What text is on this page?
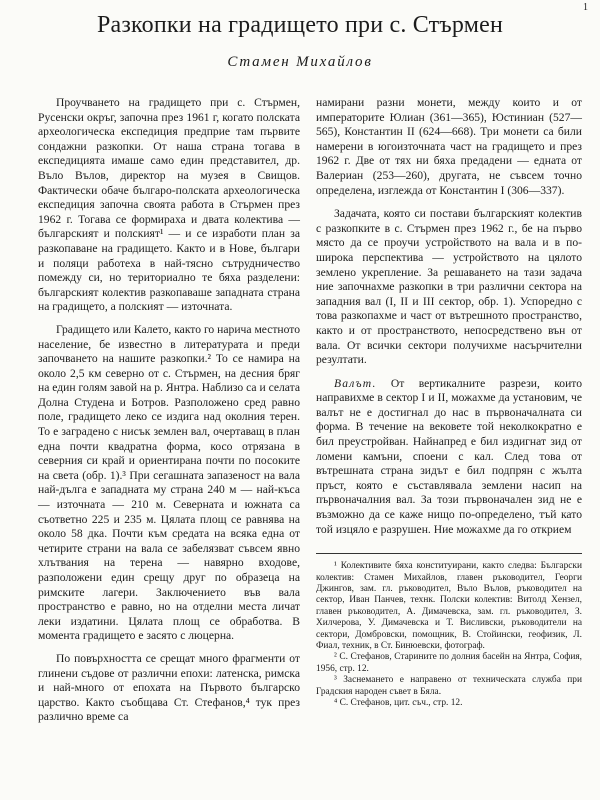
1
Разкопки на градището при с. Стърмен
Стамен Михайлов

Проучването на градището при с. Стърмен, Русенски окръг, започна през 1961 г, когато полската археологическа експедиция предприе там първите сондажни разкопки. От наша страна тогава в експедицията имаше само един представител, др. Въло Вълов, директор на музея в Свищов. Фактически обаче българо-полската археологическа експедиция започна своята работа в Стърмен през 1962 г. Тогава се формираха и двата колектива — българският и полският¹ — и се изработи план за разкопаване на градището. Както и в Нове, българи и поляци работеха в най-тясно сътрудничество помежду си, но териториално те бяха разделени: българският колектив разкопаваше западната страна на градището, а полският — източната.

Градището или Калето, както го нарича местното население, бе известно в литературата и преди започването на нашите разкопки.² То се намира на около 2,5 км северно от с. Стърмен, на десния бряг на един голям завой на р. Янтра. Наблизо са и селата Долна Студена и Ботров. Разположено сред равно поле, градището леко се издига над околния терен. То е заградено с нисък землен вал, очертаващ в план една почти квадратна форма, косо отрязана в северния си край и ориентирана почти по посоките на света (обр. 1).³ При сегашната запазеност на вала най-дълга е западната му страна 240 м — най-къса — източната — 210 м. Северната и южната са съответно 225 и 235 м. Цялата площ се равнява на около 58 дка. Почти към средата на всяка една от четирите страни на вала се забелязват съвсем явно хлътвания на терена — навярно входове, разположени един срещу друг по образеца на римските лагери. Заключението във вала пространство е равно, но на отделни места личат леки издатини. Цялата площ се обработва. В момента градището е засято с люцерна.

По повърхността се срещат много фрагменти от глинени съдове от различни епохи: латенска, римска и най-много от епохата на Първото българско царство. Както съобщава Ст. Стефанов,⁴ тук през различно време са

намирани разни монети, между които и от императорите Юлиан (361—365), Юстиниан (527—565), Константин II (624—668). Три монети са били намерени в югоизточната част на градището и през 1962 г. Две от тях ни бяха предадени — едната от Валериан (253—260), другата, не съвсем точно определена, изглежда от Константин I (306—337).

Задачата, която си постави българският колектив с разкопките в с. Стърмен през 1962 г., бе на първо място да се проучи устройството на вала и в по-широка перспектива — устройството на цялото землено укрепление. За решаването на тази задача ние започнахме разкопки в три различни сектора на западния вал (I, II и III сектор, обр. 1). Успоредно с това разкопахме и част от вътрешното пространство, както и от пространството, непосредствено вън от вала. От всички сектори получихме насърчителни резултати.

Валът. От вертикалните разрези, които направихме в сектор I и II, можахме да установим, че валът не е достигнал до нас в първоначалната си форма. В течение на вековете той неколкократно е бил преустройван. Найнапред е бил издигнат зид от ломени камъни, споени с кал. След това от вътрешната страна зидът е бил подпрян с жълта пръст, която е съставлявала землени насип на първоначалния вал. За този първоначален зид не е възможно да се каже нищо по-определено, тъй като той изцяло е разрушен. Ние можахме да го открием

¹ Колективите бяха конституирани, както следва: Български колектив: Стамен Михайлов, главен ръководител, Георги Джингов, зам. гл. ръководител, Въло Вълов, ръководител на сектор, Иван Панчев, технк. Полски колектив: Витолд Хензел, главен ръководител, А. Димачевска, зам. гл. ръководител, З. Хилчерова, У. Димачевска и Т. Висливски, ръководители на сектори, Домбровски, помощник, В. Стойински, геофизик, Л. Фиал, техник, в Ст. Бинюевски, фотограф.

² С. Стефанов, Старините по долния басейн на Янтра, София, 1956, стр. 12.

³ Заснемането е направено от техническата служба при Градския народен съвет в Бяла.

⁴ С. Стефанов, цит. съч., стр. 12.
